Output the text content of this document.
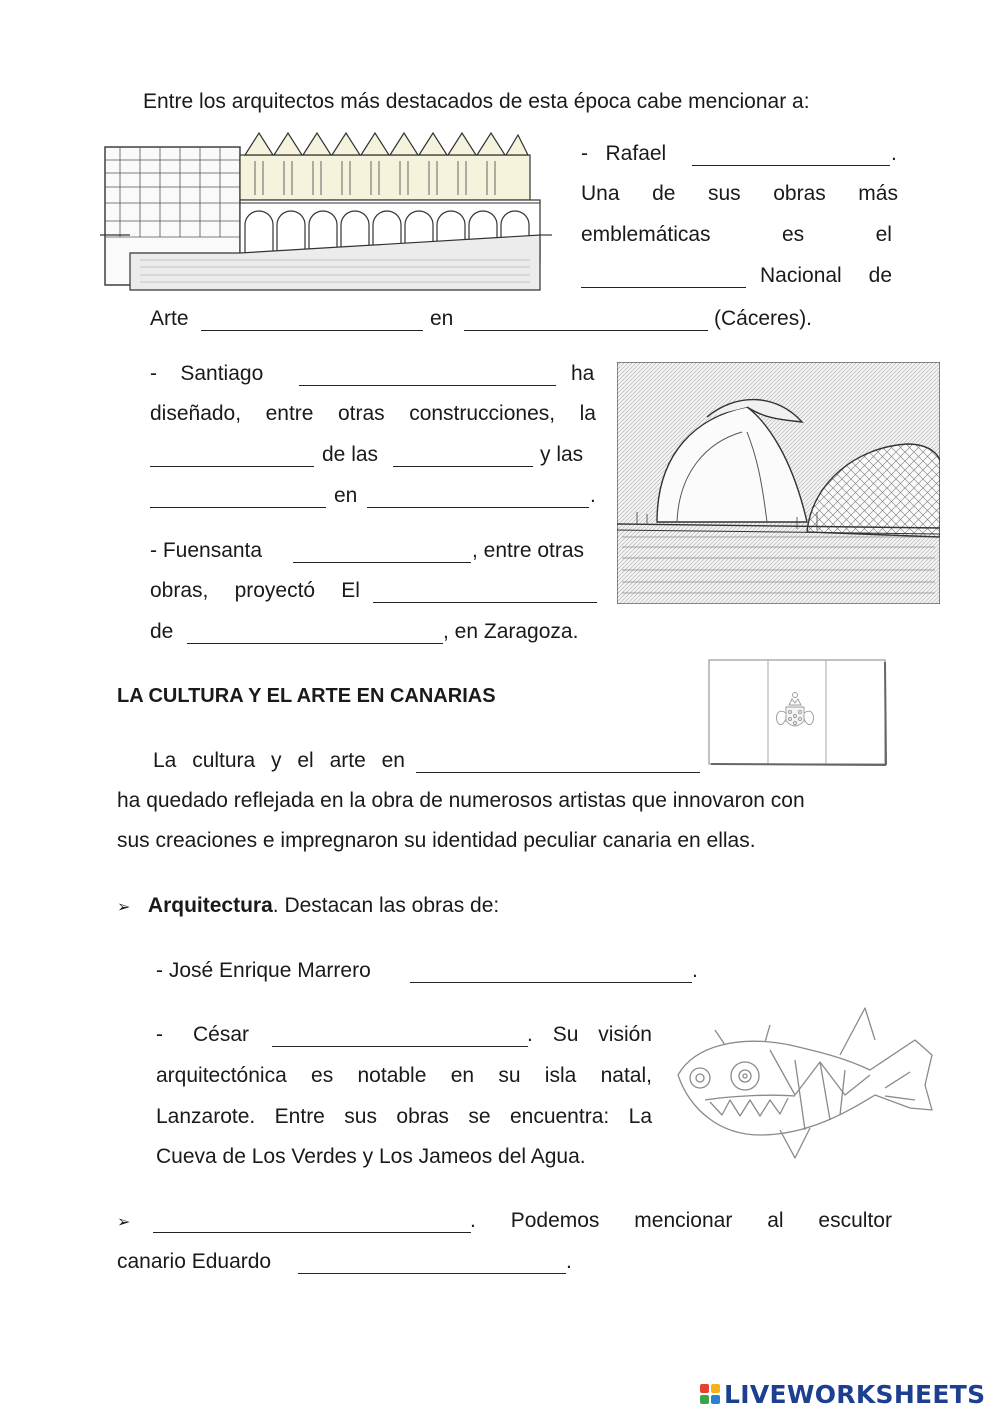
Entre los arquitectos más destacados de esta época cabe mencionar a:
- Rafael	.
Una de sus obras más
emblemáticas	es	el
Nacional de
Arte	en	(Cáceres).
- Santiago	ha
diseñado, entre otras construcciones, la
de las	y las
en	.
- Fuensanta	, entre otras
obras, proyectó El
de	, en Zaragoza.
LA CULTURA Y EL ARTE EN CANARIAS
La cultura y el arte en
ha quedado reflejada en la obra de numerosos artistas que innovaron con
sus creaciones e impregnaron su identidad peculiar canaria en ellas.
➢ Arquitectura. Destacan las obras de:
- José Enrique Marrero	.
- César	. Su visión
arquitectónica es notable en su isla natal,
Lanzarote. Entre sus obras se encuentra: La
Cueva de Los Verdes y Los Jameos del Agua.
➢	. Podemos mencionar al escultor
canario Eduardo	.
LIVEWORKSHEETS
